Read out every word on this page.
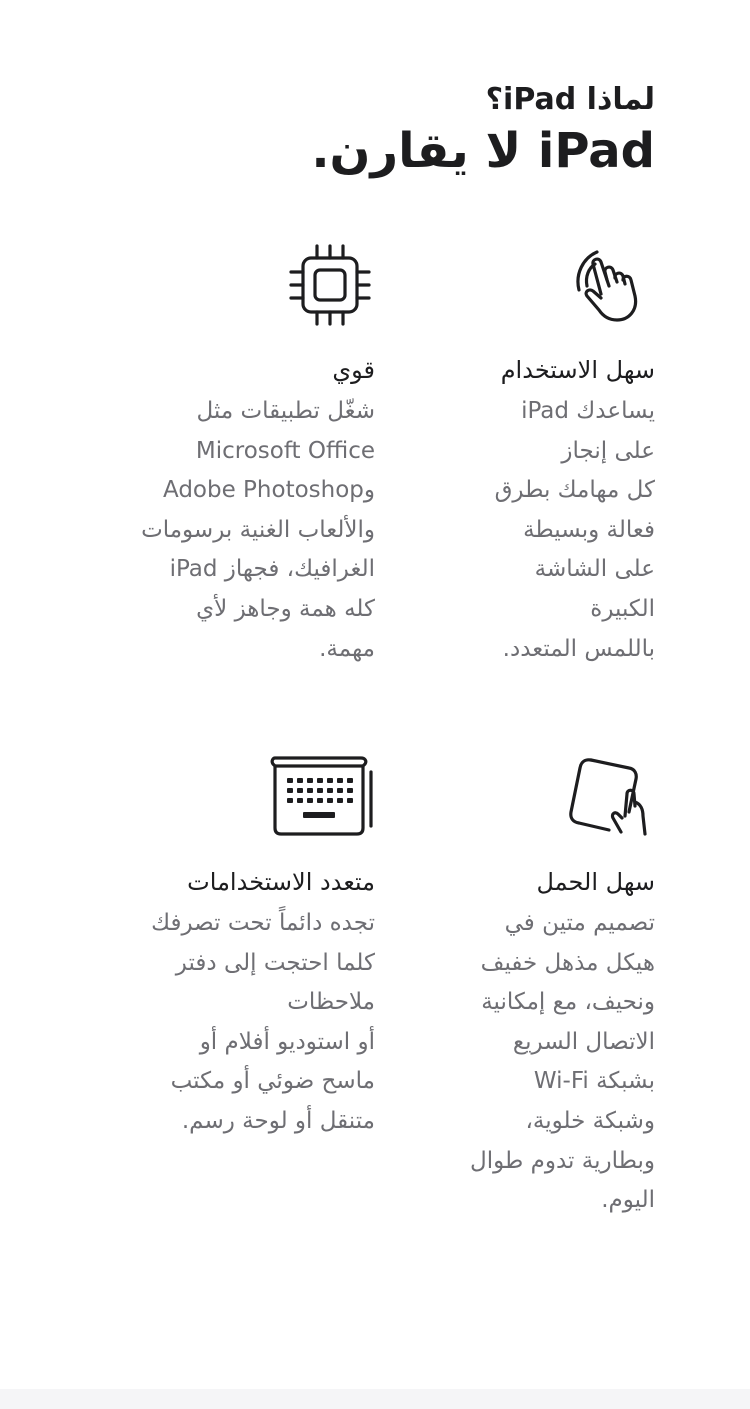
لماذا iPad؟
iPad لا يقارن.
سهل الاستخدام
يساعدك iPad
على إنجاز
كل مهامك بطرق
فعالة وبسيطة
على الشاشة
الكبيرة
باللمس المتعدد.
قوي
شغّل تطبيقات مثل
Microsoft Office
وAdobe Photoshop
والألعاب الغنية برسومات
الغرافيك، فجهاز iPad
كله همة وجاهز لأي
مهمة.
سهل الحمل
تصميم متين في
هيكل مذهل خفيف
ونحيف، مع إمكانية
الاتصال السريع
بشبكة Wi-Fi
وشبكة خلوية،
وبطارية تدوم طوال
اليوم.
متعدد الاستخدامات
تجده دائماً تحت تصرفك
كلما احتجت إلى دفتر
ملاحظات
أو استوديو أفلام أو
ماسح ضوئي أو مكتب
متنقل أو لوحة رسم.
